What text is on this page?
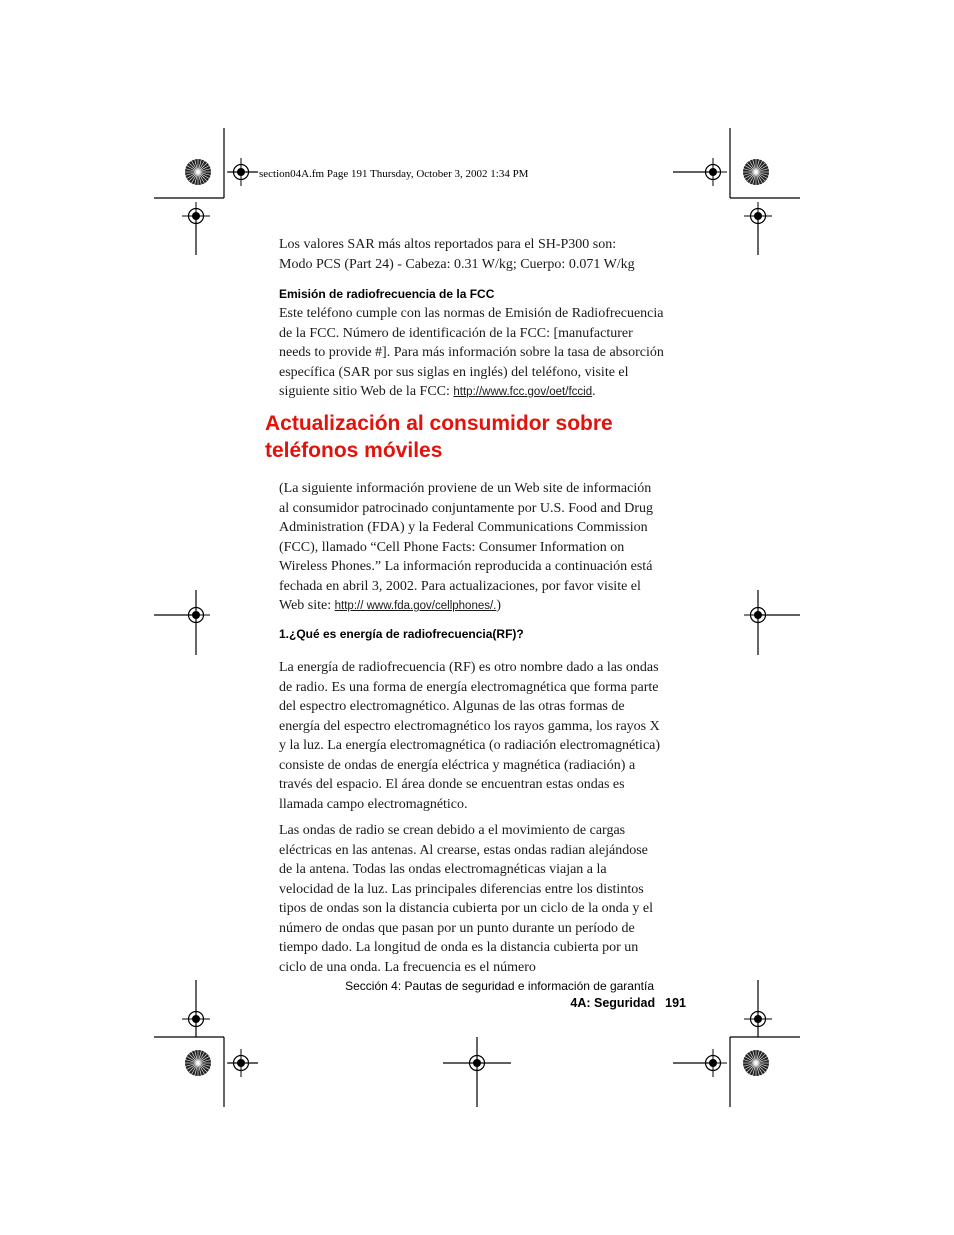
section04A.fm Page 191 Thursday, October 3, 2002 1:34 PM

Los valores SAR más altos reportados para el SH-P300 son:

Modo PCS (Part 24) - Cabeza: 0.31 W/kg; Cuerpo: 0.071 W/kg

Emisión de radiofrecuencia de la FCC

Este teléfono cumple con las normas de Emisión de Radiofrecuencia de la FCC. Número de identificación de la FCC: [manufacturer needs to provide #]. Para más información sobre la tasa de absorción específica (SAR por sus siglas en inglés) del teléfono, visite el siguiente sitio Web de la FCC: http://www.fcc.gov/oet/fccid.

Actualización al consumidor sobre
teléfonos móviles

(La siguiente información proviene de un Web site de información al consumidor patrocinado conjuntamente por U.S. Food and Drug Administration (FDA) y la Federal Communications Commission (FCC), llamado “Cell Phone Facts: Consumer Information on Wireless Phones.” La información reproducida a continuación está fechada en abril 3, 2002. Para actualizaciones, por favor visite el Web site: http:// www.fda.gov/cellphones/.)

1.¿Qué es energía de radiofrecuencia(RF)?

La energía de radiofrecuencia (RF) es otro nombre dado a las ondas de radio. Es una forma de energía electromagnética que forma parte del espectro electromagnético. Algunas de las otras formas de energía del espectro electromagnético los rayos gamma, los rayos X y la luz. La energía electromagnética (o radiación electromagnética) consiste de ondas de energía eléctrica y magnética (radiación) a través del espacio. El área donde se encuentran estas ondas es llamada campo electromagnético.

Las ondas de radio se crean debido a el movimiento de cargas eléctricas en las antenas. Al crearse, estas ondas radian alejándose de la antena. Todas las ondas electromagnéticas viajan a la velocidad de la luz. Las principales diferencias entre los distintos tipos de ondas son la distancia cubierta por un ciclo de la onda y el número de ondas que pasan por un punto durante un período de tiempo dado. La longitud de onda es la distancia cubierta por un ciclo de una onda. La frecuencia es el número

Sección 4: Pautas de seguridad e información de garantía
4A: Seguridad 191
